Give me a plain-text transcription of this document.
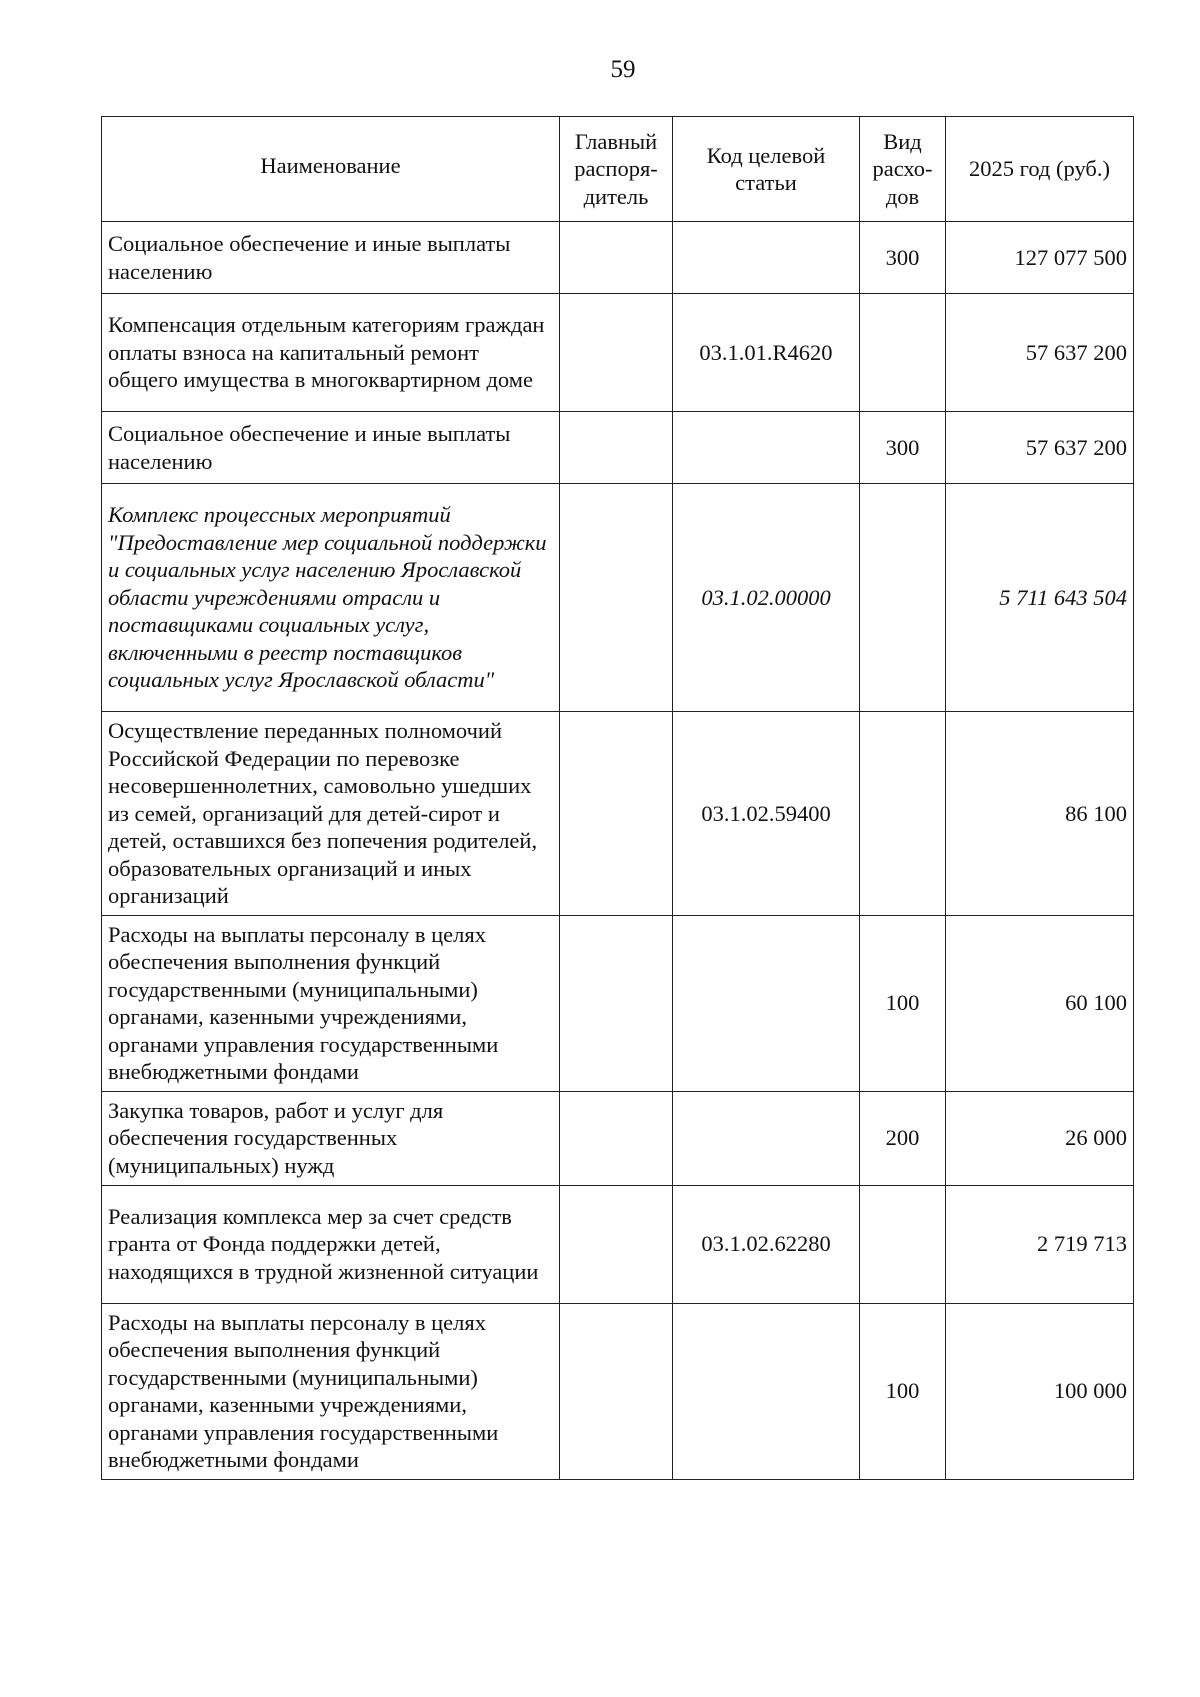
59
Наименование	Главный распоря-дитель	Код целевой статьи	Вид расхо-дов	2025 год (руб.)
Социальное обеспечение и иные выплаты населению			300	127 077 500
Компенсация отдельным категориям граждан оплаты взноса на капитальный ремонт общего имущества в многоквартирном доме		03.1.01.R4620		57 637 200
Социальное обеспечение и иные выплаты населению			300	57 637 200
Комплекс процессных мероприятий "Предоставление мер социальной поддержки и социальных услуг населению Ярославской области учреждениями отрасли и поставщиками социальных услуг, включенными в реестр поставщиков социальных услуг Ярославской области"		03.1.02.00000		5 711 643 504
Осуществление переданных полномочий Российской Федерации по перевозке несовершеннолетних, самовольно ушедших из семей, организаций для детей-сирот и детей, оставшихся без попечения родителей, образовательных организаций и иных организаций		03.1.02.59400		86 100
Расходы на выплаты персоналу в целях обеспечения выполнения функций государственными (муниципальными) органами, казенными учреждениями, органами управления государственными внебюджетными фондами			100	60 100
Закупка товаров, работ и услуг для обеспечения государственных (муниципальных) нужд			200	26 000
Реализация комплекса мер за счет средств гранта от Фонда поддержки детей, находящихся в трудной жизненной ситуации		03.1.02.62280		2 719 713
Расходы на выплаты персоналу в целях обеспечения выполнения функций государственными (муниципальными) органами, казенными учреждениями, органами управления государственными внебюджетными фондами			100	100 000
